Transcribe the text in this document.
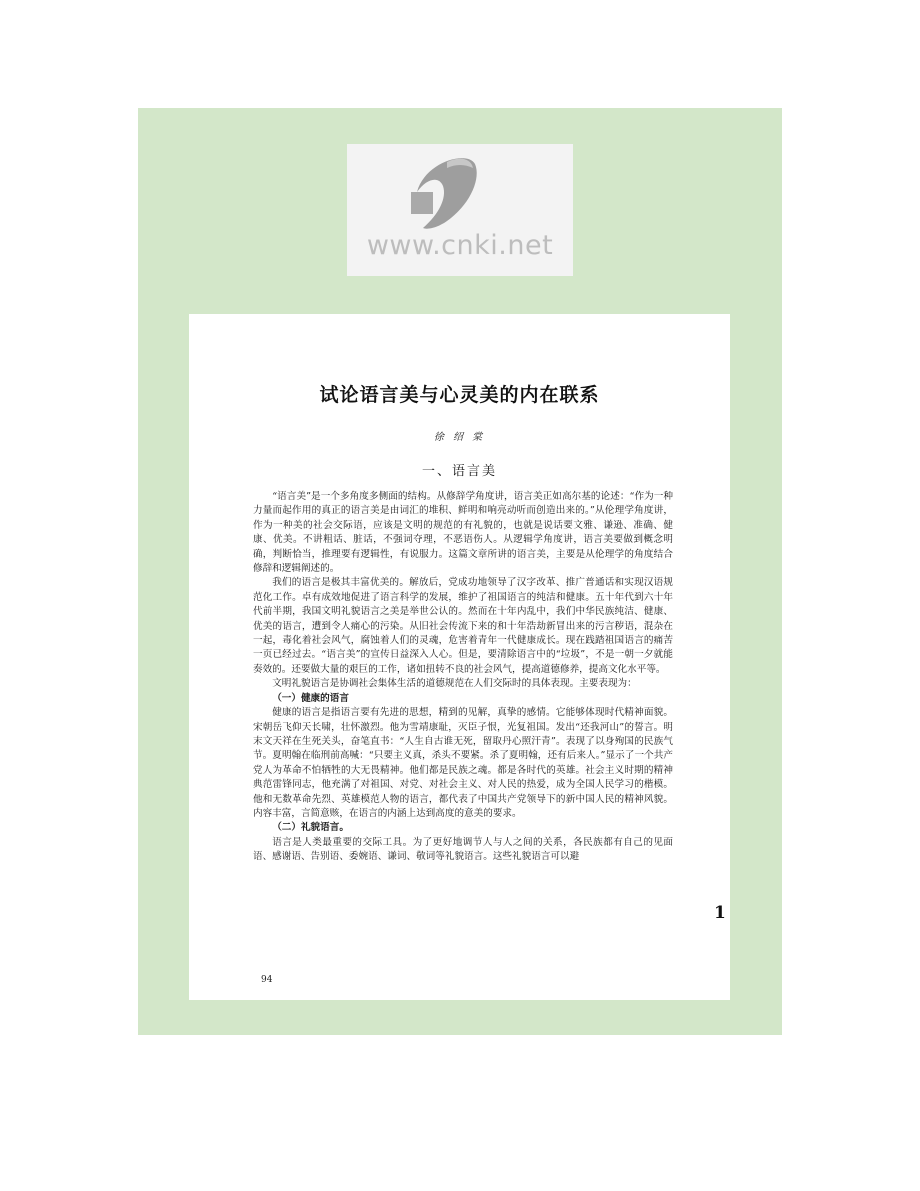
www.cnki.net
试论语言美与心灵美的内在联系
徐 绍 棠
一、语言美

“语言美”是一个多角度多侧面的结构。从修辞学角度讲，语言美正如高尔基的论述：“作为一种力量而起作用的真正的语言美是由词汇的堆积、鲜明和响亮动听而创造出来的。”从伦理学角度讲，作为一种美的社会交际语，应该是文明的规范的有礼貌的，也就是说话要文雅、谦逊、准确、健康、优美。不讲粗话、脏话，不强词夺理，不恶语伤人。从逻辑学角度讲，语言美要做到概念明确，判断恰当，推理要有逻辑性，有说服力。这篇文章所讲的语言美，主要是从伦理学的角度结合修辞和逻辑阐述的。

我们的语言是极其丰富优美的。解放后，党成功地领导了汉字改革、推广普通话和实现汉语规范化工作。卓有成效地促进了语言科学的发展，维护了祖国语言的纯洁和健康。五十年代到六十年代前半期，我国文明礼貌语言之美是举世公认的。然而在十年内乱中，我们中华民族纯洁、健康、优美的语言，遭到令人痛心的污染。从旧社会传流下来的和十年浩劫新冒出来的污言秽语，混杂在一起，毒化着社会风气，腐蚀着人们的灵魂，危害着青年一代健康成长。现在践踏祖国语言的痛苦一页已经过去。“语言美”的宣传日益深入人心。但是，要清除语言中的“垃圾”，不是一朝一夕就能奏效的。还要做大量的艰巨的工作，诸如扭转不良的社会风气，提高道德修养，提高文化水平等。

文明礼貌语言是协调社会集体生活的道德规范在人们交际时的具体表现。主要表现为：

（一）健康的语言

健康的语言是指语言要有先进的思想，精到的见解，真挚的感情。它能够体现时代精神面貌。宋朝岳飞仰天长啸，壮怀激烈。他为雪靖康耻，灭臣子恨，光复祖国。发出“还我河山”的誓言。明末文天祥在生死关头，奋笔直书：“人生自古谁无死，留取丹心照汗青”。表现了以身殉国的民族气节。夏明翰在临刑前高喊：“只要主义真，杀头不要紧。杀了夏明翰，还有后来人。”显示了一个共产党人为革命不怕牺牲的大无畏精神。他们都是民族之魂。都是各时代的英雄。社会主义时期的精神典范雷锋同志，他充满了对祖国、对党、对社会主义、对人民的热爱，成为全国人民学习的楷模。他和无数革命先烈、英雄模范人物的语言，都代表了中国共产党领导下的新中国人民的精神风貌。内容丰富，言简意赅，在语言的内涵上达到高度的意美的要求。

（二）礼貌语言。

语言是人类最重要的交际工具。为了更好地调节人与人之间的关系，各民族都有自己的见面语、感谢语、告别语、委婉语、谦词、敬词等礼貌语言。这些礼貌语言可以避

94
1
